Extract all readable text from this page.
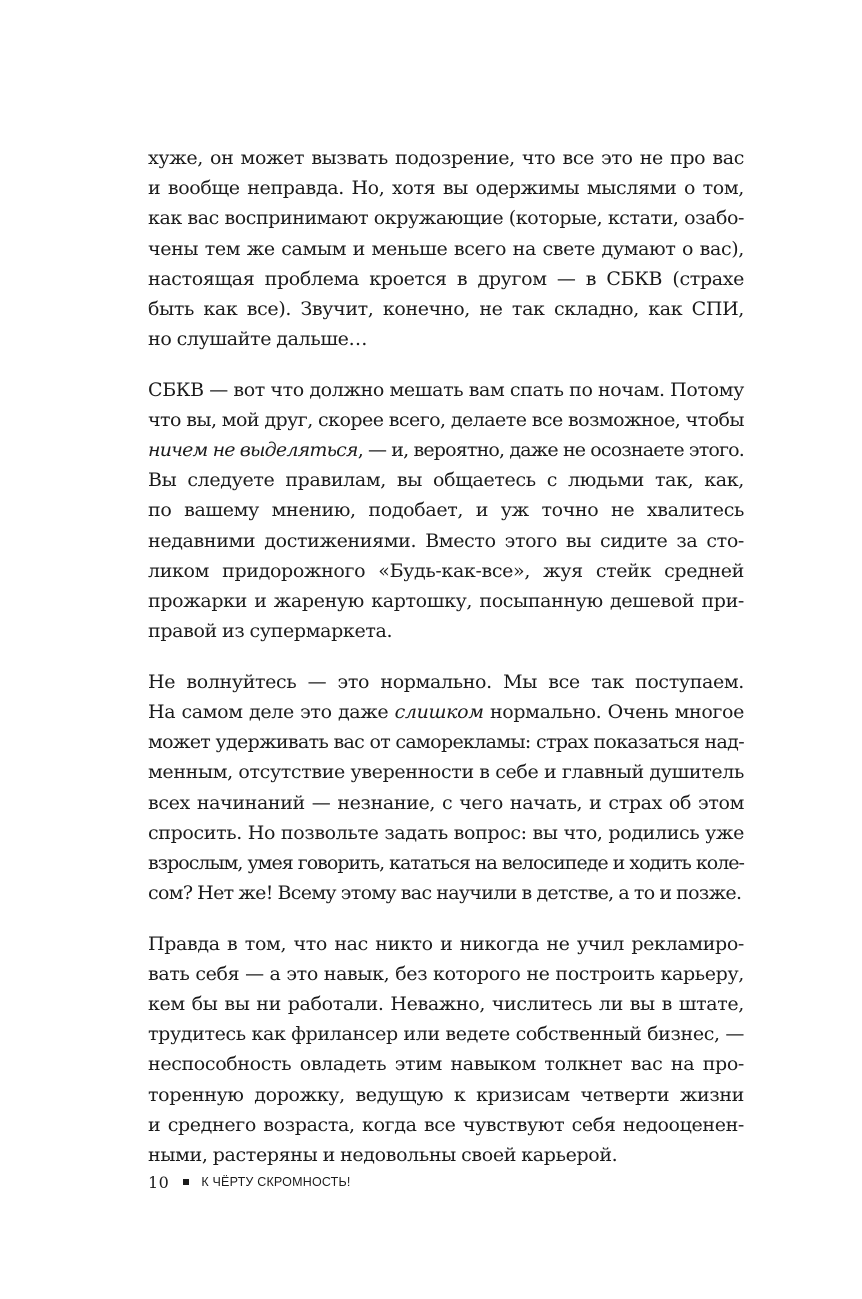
хуже, он может вызвать подозрение, что все это не про вас
и вообще неправда. Но, хотя вы одержимы мыслями о том,
как вас воспринимают окружающие (которые, кстати, озабо-
чены тем же самым и меньше всего на свете думают о вас),
настоящая проблема кроется в другом — в СБКВ (страхе
быть как все). Звучит, конечно, не так складно, как СПИ,
но слушайте дальше…

СБКВ — вот что должно мешать вам спать по ночам. Потому
что вы, мой друг, скорее всего, делаете все возможное, чтобы
ничем не выделяться, — и, вероятно, даже не осознаете этого.
Вы следуете правилам, вы общаетесь с людьми так, как,
по вашему мнению, подобает, и уж точно не хвалитесь
недавними достижениями. Вместо этого вы сидите за сто-
ликом придорожного «Будь-как-все», жуя стейк средней
прожарки и жареную картошку, посыпанную дешевой при-
правой из супермаркета.

Не волнуйтесь — это нормально. Мы все так поступаем.
На самом деле это даже слишком нормально. Очень многое
может удерживать вас от саморекламы: страх показаться над-
менным, отсутствие уверенности в себе и главный душитель
всех начинаний — незнание, с чего начать, и страх об этом
спросить. Но позвольте задать вопрос: вы что, родились уже
взрослым, умея говорить, кататься на велосипеде и ходить коле-
сом? Нет же! Всему этому вас научили в детстве, а то и позже.

Правда в том, что нас никто и никогда не учил рекламиро-
вать себя — а это навык, без которого не построить карьеру,
кем бы вы ни работали. Неважно, числитесь ли вы в штате,
трудитесь как фрилансер или ведете собственный бизнес, —
неспособность овладеть этим навыком толкнет вас на про-
торенную дорожку, ведущую к кризисам четверти жизни
и среднего возраста, когда все чувствуют себя недооценен-
ными, растеряны и недовольны своей карьерой.

10	К ЧЁРТУ СКРОМНОСТЬ!
